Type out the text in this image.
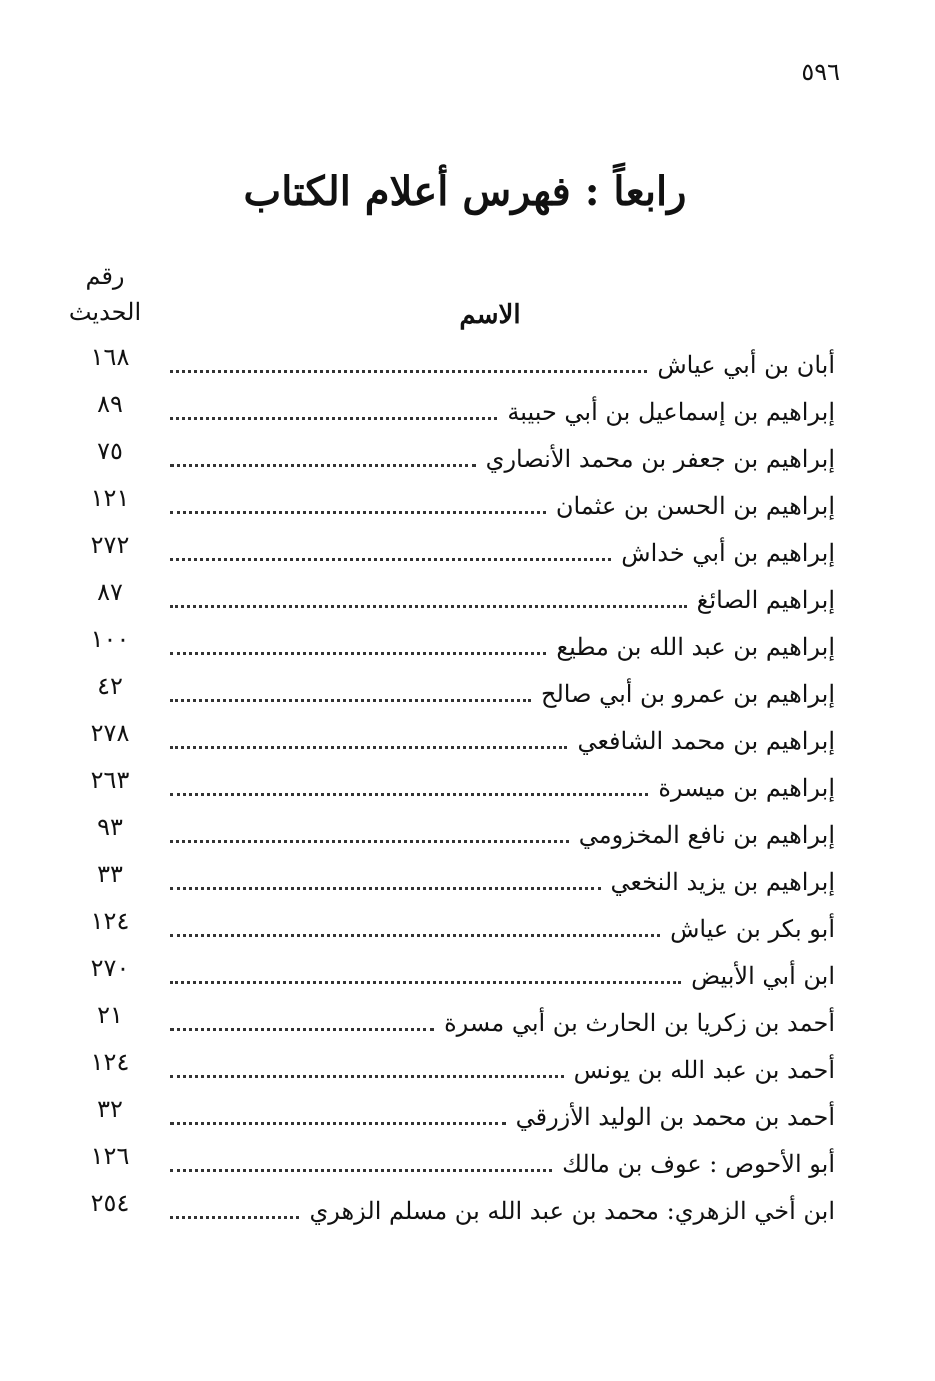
٥٩٦
رابعاً : فهرس أعلام الكتاب
رقم
الحديث	الاسم
١٦٨	أبان بن أبي عياش
٨٩	إبراهيم بن إسماعيل بن أبي حبيبة
٧٥	إبراهيم بن جعفر بن محمد الأنصاري
١٢١	إبراهيم بن الحسن بن عثمان
٢٧٢	إبراهيم بن أبي خداش
٨٧	إبراهيم الصائغ
١٠٠	إبراهيم بن عبد الله بن مطيع
٤٢	إبراهيم بن عمرو بن أبي صالح
٢٧٨	إبراهيم بن محمد الشافعي
٢٦٣	إبراهيم بن ميسرة
٩٣	إبراهيم بن نافع المخزومي
٣٣	إبراهيم بن يزيد النخعي
١٢٤	أبو بكر بن عياش
٢٧٠	ابن أبي الأبيض
٢١	أحمد بن زكريا بن الحارث بن أبي مسرة
١٢٤	أحمد بن عبد الله بن يونس
٣٢	أحمد بن محمد بن الوليد الأزرقي
١٢٦	أبو الأحوص : عوف بن مالك
٢٥٤	ابن أخي الزهري: محمد بن عبد الله بن مسلم الزهري
